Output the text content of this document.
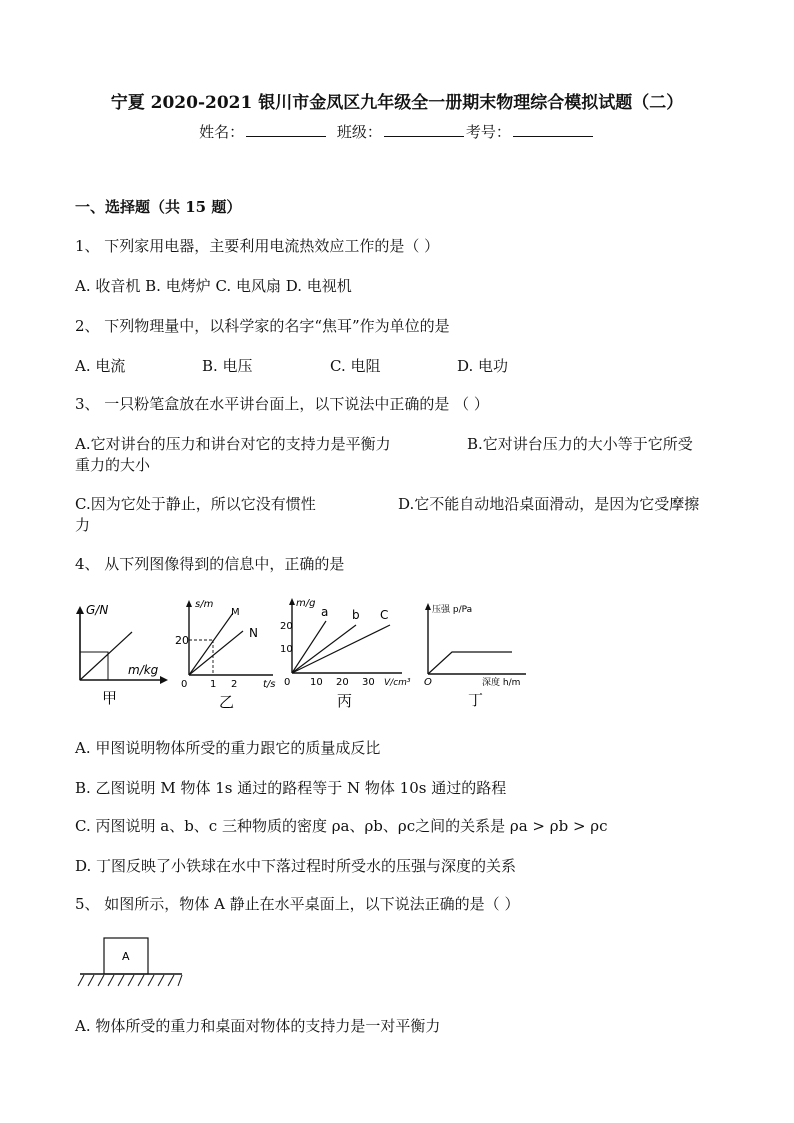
宁夏 2020-2021 银川市金凤区九年级全一册期末物理综合模拟试题（二）
姓名：	班级：	考号：
一、选择题（共 15 题）
1、 下列家用电器，主要利用电流热效应工作的是（ ）
A. 收音机 B. 电烤炉 C. 电风扇 D. 电视机
2、 下列物理量中，以科学家的名字“焦耳”作为单位的是
A. 电流	B. 电压	C. 电阻	D. 电功
3、 一只粉笔盒放在水平讲台面上，以下说法中正确的是 （ ）
A.它对讲台的压力和讲台对它的支持力是平衡力	B.它对讲台压力的大小等于它所受
重力的大小
C.因为它处于静止，所以它没有惯性	D.它不能自动地沿桌面滑动，是因为它受摩擦
力
4、 从下列图像得到的信息中，正确的是
G/N
m/kg
甲
s/m
M
N
20
0 1 2	t/s
乙
m/g
a b C
20
10
0 10 20 30 V/cm³
丙
压强 p/Pa
O	深度 h/m
丁
A. 甲图说明物体所受的重力跟它的质量成反比
B. 乙图说明 M 物体 1s 通过的路程等于 N 物体 10s 通过的路程
C. 丙图说明 a、b、c 三种物质的密度 ρa、ρb、ρc之间的关系是 ρa > ρb > ρc
D. 丁图反映了小铁球在水中下落过程时所受水的压强与深度的关系
5、 如图所示，物体 A 静止在水平桌面上，以下说法正确的是（ ）
A
A. 物体所受的重力和桌面对物体的支持力是一对平衡力
